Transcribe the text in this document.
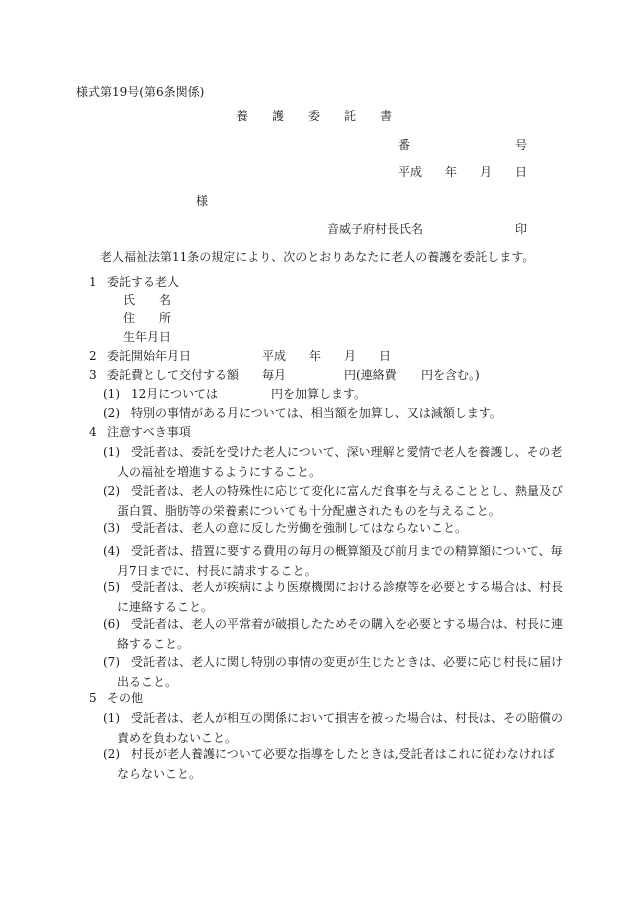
様式第19号(第6条関係)
養　　護　　委　　託　　書
番	号
平成 年 月 日
様
音威子府村長氏名	印
老人福祉法第11条の規定により、次のとおりあなたに老人の養護を委託します。
1 委託する老人
氏　　名
住　　所
生年月日
2 委託開始年月日	平成 年 月 日
3 委託費として交付する額 毎月	円(連絡費 円を含む。)
(1) 12月については	円を加算します。
(2) 特別の事情がある月については、相当額を加算し、又は減額します。
4 注意すべき事項
(1) 受託者は、委託を受けた老人について、深い理解と愛情で老人を養護し、その老
人の福祉を増進するようにすること。
(2) 受託者は、老人の特殊性に応じて変化に富んだ食事を与えることとし、熱量及び
蛋白質、脂肪等の栄養素についても十分配慮されたものを与えること。
(3) 受託者は、老人の意に反した労働を強制してはならないこと。
(4) 受託者は、措置に要する費用の毎月の概算額及び前月までの精算額について、毎
月7日までに、村長に請求すること。
(5) 受託者は、老人が疾病により医療機関における診療等を必要とする場合は、村長
に連絡すること。
(6) 受託者は、老人の平常着が破損したためその購入を必要とする場合は、村長に連
絡すること。
(7) 受託者は、老人に関し特別の事情の変更が生じたときは、必要に応じ村長に届け
出ること。
5 その他
(1) 受託者は、老人が相互の関係において損害を被った場合は、村長は、その賠償の
責めを負わないこと。
(2) 村長が老人養護について必要な指導をしたときは,受託者はこれに従わなければ
ならないこと。
